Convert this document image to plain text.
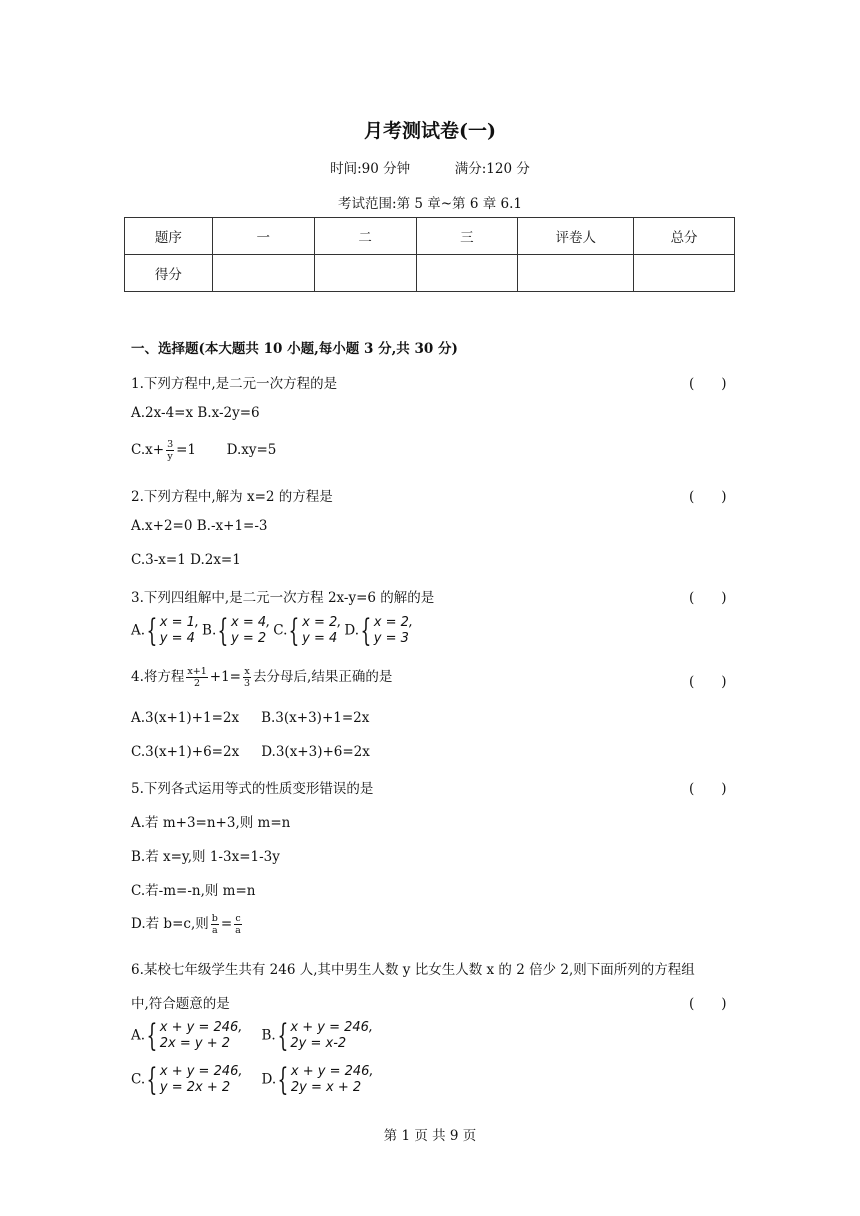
月考测试卷(一)
时间:90 分钟	满分:120 分
考试范围:第 5 章~第 6 章 6.1
题序	一	二	三	评卷人	总分
得分					
一、选择题(本大题共 10 小题,每小题 3 分,共 30 分)
1.下列方程中,是二元一次方程的是	(　　)
A.2x-4=x B.x-2y=6
$C.x+ \frac{3}{y} =1$ D.xy=5
2.下列方程中,解为 x=2 的方程是	(　　)
A.x+2=0 B.-x+1=-3
C.3-x=1 D.2x=1
3.下列四组解中,是二元一次方程 2x-y=6 的解的是	(　　)
A. { x = 1,
y = 4 B. { x = 4,
y = 2 C. { x = 2,
y = 4 D. { x = 2,
y = 3
4.将方程 $\frac{x+1}{2} +1= \frac{x}{3}$ 去分母后,结果正确的是	(　　)
A.3(x+1)+1=2x B.3(x+3)+1=2x
C.3(x+1)+6=2x D.3(x+3)+6=2x
5.下列各式运用等式的性质变形错误的是	(　　)
A.若 m+3=n+3,则 m=n
B.若 x=y,则 1-3x=1-3y
C.若-m=-n,则 m=n
D.若 b=c,则 $\frac{b}{a} = \frac{c}{a}$
6.某校七年级学生共有 246 人,其中男生人数 y 比女生人数 x 的 2 倍少 2,则下面所列的方程组
中,符合题意的是	(　　)
A. { x + y = 246,
2x = y + 2	B. { x + y = 246,
2y = x-2
C. { x + y = 246,
y = 2x + 2	D. { x + y = 246,
2y = x + 2
第 1 页 共 9 页
